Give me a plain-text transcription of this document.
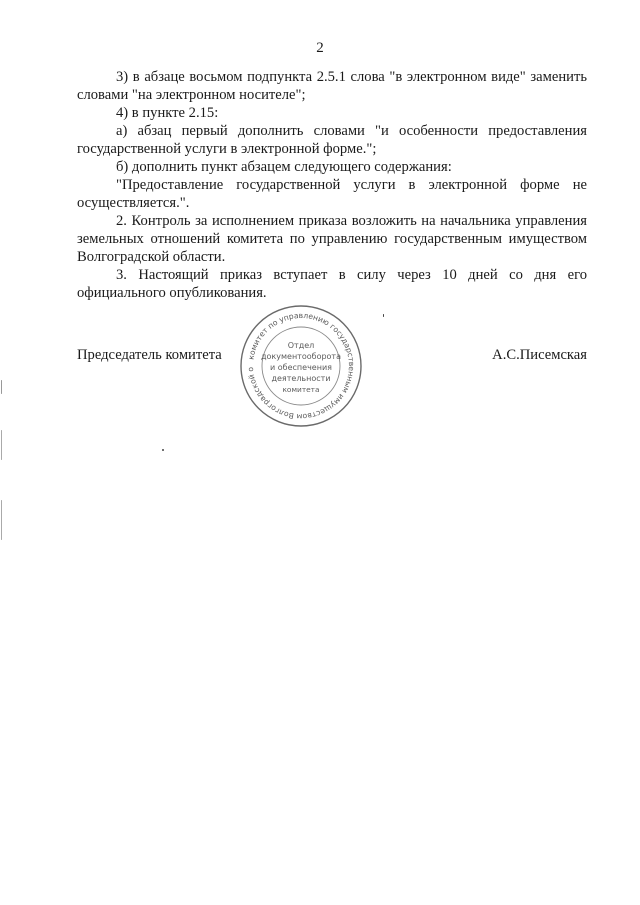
2

3) в абзаце восьмом подпункта 2.5.1 слова "в электронном виде" заменить словами "на электронном носителе";

4) в пункте 2.15:

а) абзац первый дополнить словами "и особенности предоставления государственной услуги в электронной форме.";

б) дополнить пункт абзацем следующего содержания:

"Предоставление государственной услуги в электронной форме не осуществляется.".

2. Контроль за исполнением приказа возложить на начальника управления земельных отношений комитета по управлению государственным имуществом Волгоградской области.

3. Настоящий приказ вступает в силу через 10 дней со дня его официального опубликования.

Председатель комитета	А.С.Писемская
комитет по управлению государственным имуществом Волгоградской о
Отдел
документооборота
и обеспечения
деятельности
комитета
